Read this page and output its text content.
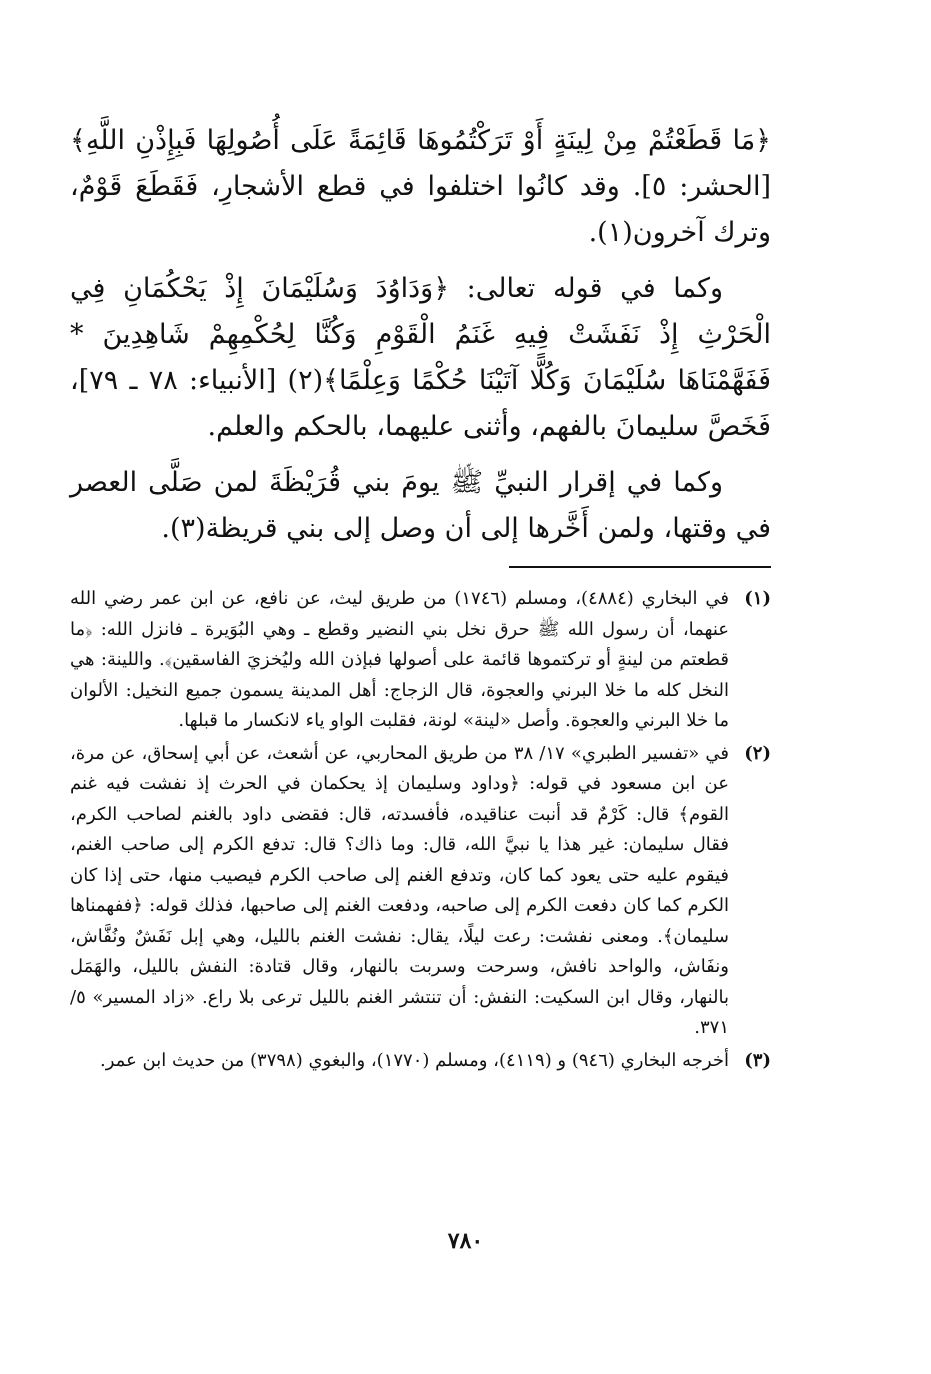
﴿مَا قَطَعْتُمْ مِنْ لِينَةٍ أَوْ تَرَكْتُمُوهَا قَائِمَةً عَلَى أُصُولِهَا فَبِإِذْنِ اللَّهِ﴾ [الحشر: ٥]. وقد كانُوا اختلفوا في قطع الأشجارِ، فَقَطَعَ قَوْمٌ، وترك آخرون(١).

وكما في قوله تعالى: ﴿وَدَاوُدَ وَسُلَيْمَانَ إِذْ يَحْكُمَانِ فِي الْحَرْثِ إِذْ نَفَشَتْ فِيهِ غَنَمُ الْقَوْمِ وَكُنَّا لِحُكْمِهِمْ شَاهِدِينَ * فَفَهَّمْنَاهَا سُلَيْمَانَ وَكُلًّا آتَيْنَا حُكْمًا وَعِلْمًا﴾(٢) [الأنبياء: ٧٨ ـ ٧٩]، فَخَصَّ سليمانَ بالفهم، وأثنى عليهما، بالحكم والعلم.

وكما في إقرار النبيِّ ﷺ يومَ بني قُرَيْظَةَ لمن صَلَّى العصر في وقتها، ولمن أَخَّرها إلى أن وصل إلى بني قريظة(٣).

(١)
في البخاري (٤٨٨٤)، ومسلم (١٧٤٦) من طريق ليث، عن نافع، عن ابن عمر رضي الله عنهما، أن رسول الله ﷺ حرق نخل بني النضير وقطع ـ وهي البُوَيرة ـ فانزل الله: ﴿ما قطعتم من لينةٍ أو تركتموها قائمة على أصولها فبإذن الله وليُخزيَ الفاسقين﴾. واللينة: هي النخل كله ما خلا البرني والعجوة، قال الزجاج: أهل المدينة يسمون جميع النخيل: الألوان ما خلا البرني والعجوة. وأصل «لينة» لونة، فقلبت الواو ياء لانكسار ما قبلها.
(٢)
في «تفسير الطبري» ١٧/ ٣٨ من طريق المحاربي، عن أشعث، عن أبي إسحاق، عن مرة، عن ابن مسعود في قوله: ﴿وداود وسليمان إذ يحكمان في الحرث إذ نفشت فيه غنم القوم﴾ قال: كَرْمٌ قد أنبت عناقيده، فأفسدته، قال: فقضى داود بالغنم لصاحب الكرم، فقال سليمان: غير هذا يا نبيَّ الله، قال: وما ذاك؟ قال: تدفع الكرم إلى صاحب الغنم، فيقوم عليه حتى يعود كما كان، وتدفع الغنم إلى صاحب الكرم فيصيب منها، حتى إذا كان الكرم كما كان دفعت الكرم إلى صاحبه، ودفعت الغنم إلى صاحبها، فذلك قوله: ﴿ففهمناها سليمان﴾. ومعنى نفشت: رعت ليلًا، يقال: نفشت الغنم بالليل، وهي إبل نَفَشٌ ونُفَّاش، ونفَاش، والواحد نافش، وسرحت وسربت بالنهار، وقال قتادة: النفش بالليل، والهَمَل بالنهار، وقال ابن السكيت: النفش: أن تنتشر الغنم بالليل ترعى بلا راع. «زاد المسير» ٥/ ٣٧١.
(٣)
أخرجه البخاري (٩٤٦) و (٤١١٩)، ومسلم (١٧٧٠)، والبغوي (٣٧٩٨) من حديث ابن عمر.
٧٨٠
